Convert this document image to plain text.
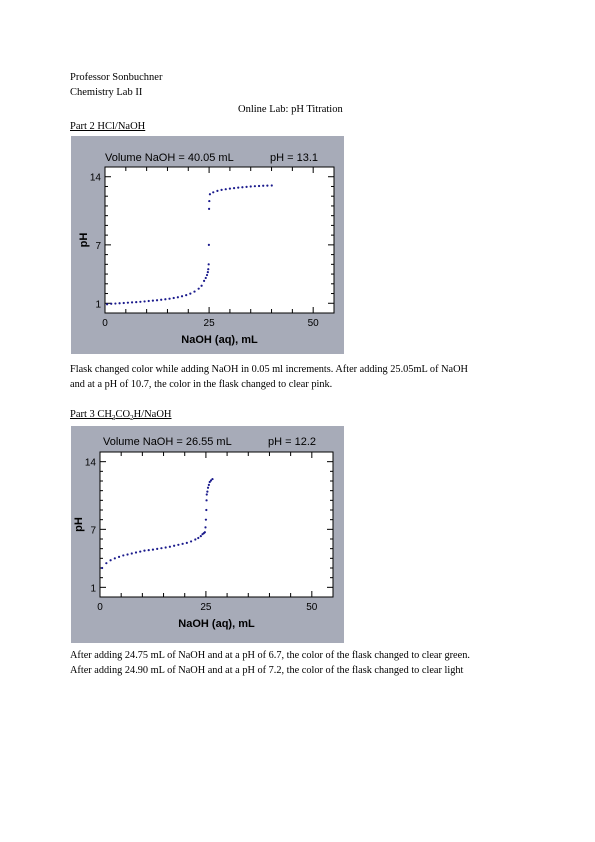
Professor Sonbuchner
Chemistry Lab II
Online Lab: pH Titration
Part 2 HCl/NaOH
Volume NaOH = 40.05 mL	pH = 13.1
0	25	50
1
7
14
NaOH (aq), mL
pH
Flask changed color while adding NaOH in 0.05 ml increments. After adding 25.05mL of NaOH
and at a pH of 10.7, the color in the flask changed to clear pink.
Part 3 $CH_3CO_2H$/NaOH
Volume NaOH = 26.55 mL	pH = 12.2
0	25	50
1
7
14
NaOH (aq), mL
pH
After adding 24.75 mL of NaOH and at a pH of 6.7, the color of the flask changed to clear green.
After adding 24.90 mL of NaOH and at a pH of 7.2, the color of the flask changed to clear light
